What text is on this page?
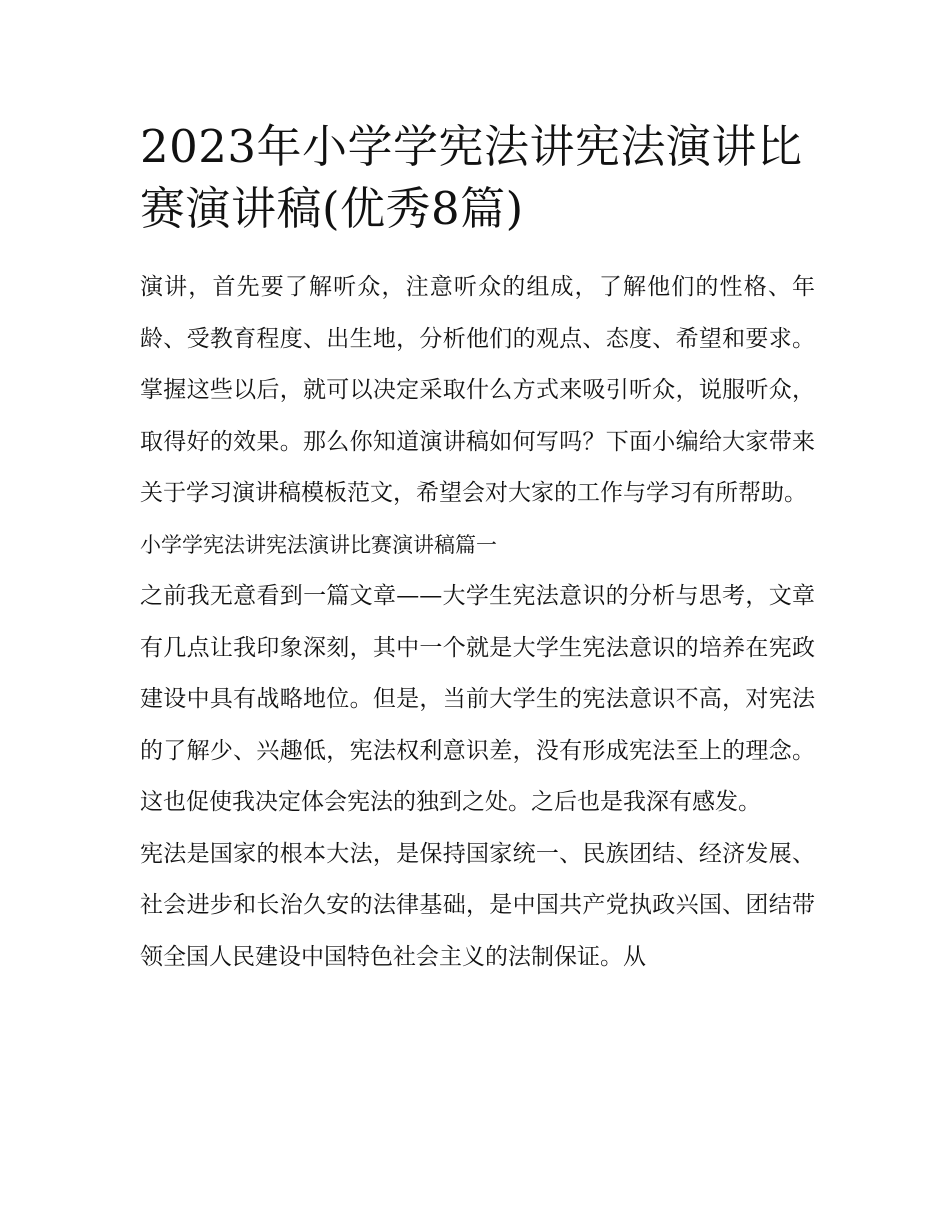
2023年小学学宪法讲宪法演讲比赛演讲稿(优秀8篇)

演讲，首先要了解听众，注意听众的组成，了解他们的性格、年龄、受教育程度、出生地，分析他们的观点、态度、希望和要求。掌握这些以后，就可以决定采取什么方式来吸引听众，说服听众，取得好的效果。那么你知道演讲稿如何写吗？下面小编给大家带来关于学习演讲稿模板范文，希望会对大家的工作与学习有所帮助。

小学学宪法讲宪法演讲比赛演讲稿篇一

之前我无意看到一篇文章——大学生宪法意识的分析与思考，文章有几点让我印象深刻，其中一个就是大学生宪法意识的培养在宪政建设中具有战略地位。但是，当前大学生的宪法意识不高，对宪法的了解少、兴趣低，宪法权利意识差，没有形成宪法至上的理念。这也促使我决定体会宪法的独到之处。之后也是我深有感发。

宪法是国家的根本大法，是保持国家统一、民族团结、经济发展、社会进步和长治久安的法律基础，是中国共产党执政兴国、团结带领全国人民建设中国特色社会主义的法制保证。从
